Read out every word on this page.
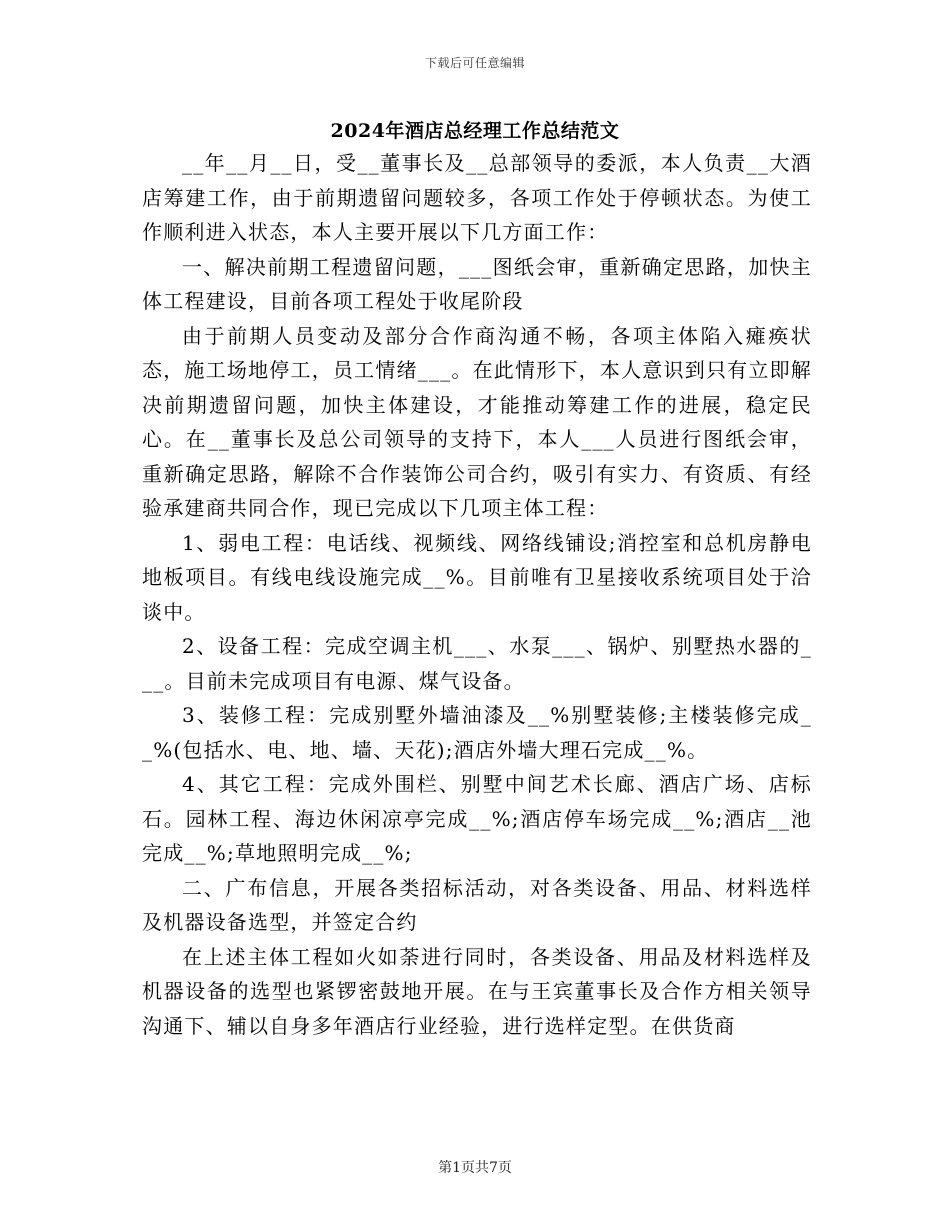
下载后可任意编辑
2024年酒店总经理工作总结范文

__年__月__日，受__董事长及__总部领导的委派，本人负责__大酒店筹建工作，由于前期遗留问题较多，各项工作处于停顿状态。为使工作顺利进入状态，本人主要开展以下几方面工作：

一、解决前期工程遗留问题，___图纸会审，重新确定思路，加快主体工程建设，目前各项工程处于收尾阶段

由于前期人员变动及部分合作商沟通不畅，各项主体陷入瘫痪状态，施工场地停工，员工情绪___。在此情形下，本人意识到只有立即解决前期遗留问题，加快主体建设，才能推动筹建工作的进展，稳定民心。在__董事长及总公司领导的支持下，本人___人员进行图纸会审，重新确定思路，解除不合作装饰公司合约，吸引有实力、有资质、有经验承建商共同合作，现已完成以下几项主体工程：

1、弱电工程：电话线、视频线、网络线铺设;消控室和总机房静电地板项目。有线电线设施完成__%。目前唯有卫星接收系统项目处于洽谈中。

2、设备工程：完成空调主机___、水泵___、锅炉、别墅热水器的___。目前未完成项目有电源、煤气设备。

3、装修工程：完成别墅外墙油漆及__%别墅装修;主楼装修完成__%(包括水、电、地、墙、天花);酒店外墙大理石完成__%。

4、其它工程：完成外围栏、别墅中间艺术长廊、酒店广场、店标石。园林工程、海边休闲凉亭完成__%;酒店停车场完成__%;酒店__池完成__%;草地照明完成__%;

二、广布信息，开展各类招标活动，对各类设备、用品、材料选样及机器设备选型，并签定合约

在上述主体工程如火如荼进行同时，各类设备、用品及材料选样及机器设备的选型也紧锣密鼓地开展。在与王宾董事长及合作方相关领导沟通下、辅以自身多年酒店行业经验，进行选样定型。在供货商

第1页共7页
